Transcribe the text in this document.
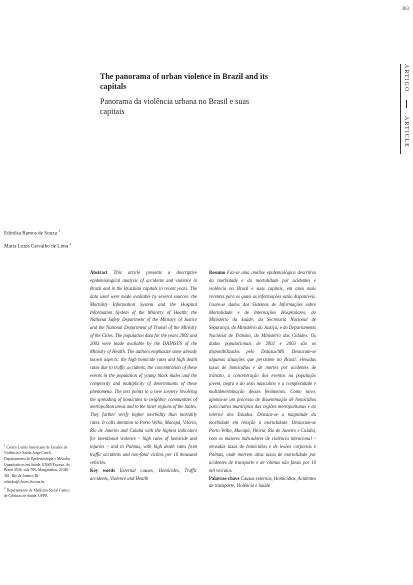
363
ARTIGO
ARTICLE
The panorama of urban violence in Brazil and its capitals
Panorama da violência urbana no Brasil e suas capitais
Edinilsa Ramos de Souza $^1$
Maria Luiza Carvalho de Lima $^2$
$^1$ Centro Latino Americano de Estudos de Violência e Saúde Jorge Careli, Departamento de Epidemiologia e Métodos Quantitativos em Saúde, ENSP/Fiocruz. Av. Brasil 4036, sala 700, Manguinhos, 21040-361, Rio de Janeiro RJ. edinilsa@claves.fiocruz.br
$^2$ Departamento de Medicina Social Centro de Ciências de Saúde, UFPE.
Abstract This article presents a descriptive epidemiological analysis of accidents and violence in Brazil and in the Brazilian capitals in recent years. The data used were made available by several sources: the Mortality Information System and the Hospital Information System of the Ministry of Health; the National Safety Department of the Ministry of Justice and the National Department of Transit of the Ministry of the Cities. The population data for the years 2002 and 2003 were made available by the DATASUS of the Ministry of Health. The authors emphasize some already known aspects: the high homicide rates and high death rates due to traffic accidents, the concentration of these events in the population of young black males and the complexity and multiplicity of determinants of these phenomena. The text points to a new scenery involving the spreading of homicides to neighbor communities of metropolitan areas and to the inner regions of the States. They further verify higher morbidity than mortality rates. It calls attention to Porto Velho, Macapá, Vitória, Rio de Janeiro and Cuiabá with the highest indicators for intentional violence – high rates of homicide and injuries – and to Palmas, with high death rates from traffic accidents and non-fatal victims per 10 thousand vehicles.
Key words External causes, Homicides, Traffic accidents, Violence and Health
Resumo Faz-se uma análise epidemiológica descritiva da morbidade e da mortalidade por acidentes e violência no Brasil e suas capitais, em anos mais recentes para os quais as informações estão disponíveis. Usam-se dados dos Sistemas de Informações sobre Mortalidade e de Internações Hospitalares, do Ministério da Saúde; da Secretaria Nacional de Segurança, do Ministério da Justiça; e do Departamento Nacional de Trânsito, do Ministério das Cidades. Os dados populacionais de 2002 e 2003 são os disponibilizados pelo Datasus/MS. Destacam-se algumas situações que persistem no Brasil: elevadas taxas de homicídios e de mortes por acidentes de trânsito, a concentração dos eventos na população jovem, negra e do sexo masculino e a complexidade e multideterminação desses fenômenos. Como novo, aponta-se um processo de disseminação de homicídios para outros municípios das regiões metropolitanas e do interior dos Estados. Destaca-se a magnitude da morbidade em relação à mortalidade. Destacam-se Porto Velho, Macapá, Vitória, Rio de Janeiro e Cuiabá, com os maiores indicadores de violência intencional – elevadas taxas de homicídios e de lesões corporais e Palmas, onde morrem altas taxas de mortalidade por acidentes de transporte e de vítimas não fatais por 10 mil veículos.
Palavras-chave Causas externas, Homicídios, Acidentes de transporte, Violência e Saúde
